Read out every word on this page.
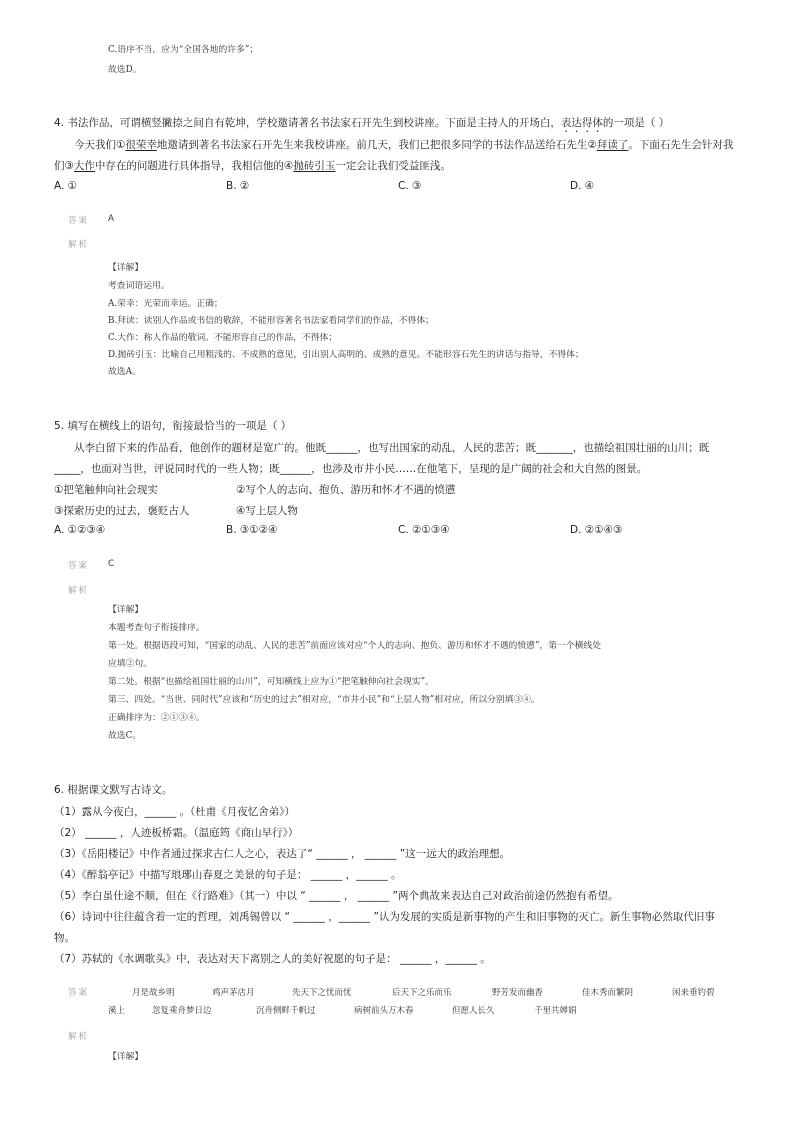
C.语序不当，应为“全国各地的许多”；
故选D。
4. 书法作品，可谓横竖撇捺之间自有乾坤，学校邀请著名书法家石开先生到校讲座。下面是主持人的开场白，表达得体的一项是（ ）
今天我们①很荣幸地邀请到著名书法家石开先生来我校讲座。前几天，我们已把很多同学的书法作品送给石先生②拜读了。下面石先生会针对我
们③大作中存在的问题进行具体指导，我相信他的④抛砖引玉一定会让我们受益匪浅。
A. ①	B. ②	C. ③	D. ④
答案 A
解析
【详解】
考查词语运用。
A.荣幸：光荣而幸运。正确；
B.拜读：读别人作品或书信的敬辞，不能形容著名书法家看同学们的作品，不得体；
C.大作：称人作品的敬词。不能形容自己的作品，不得体；
D.抛砖引玉：比喻自己用粗浅的、不成熟的意见，引出别人高明的、成熟的意见。不能形容石先生的讲话与指导，不得体；
故选A。
5. 填写在横线上的语句，衔接最恰当的一项是（ ）
从李白留下来的作品看，他创作的题材是宽广的。他既______，也写出国家的动乱，人民的悲苦；既_______，也描绘祖国壮丽的山川；既
_____，也面对当世，评说同时代的一些人物；既______，也涉及市井小民……在他笔下，呈现的是广阔的社会和大自然的图景。
①把笔触伸向社会现实	②写个人的志向、抱负、游历和怀才不遇的愤懑
③探索历史的过去，褒贬古人	④写上层人物
A. ①②③④	B. ③①②④	C. ②①③④	D. ②①④③
答案 C
解析
【详解】
本题考查句子衔接排序。
第一处。根据语段可知，“国家的动乱、人民的悲苦”前面应该对应“个人的志向、抱负、游历和怀才不遇的愤懑”，第一个横线处
应填②句。
第二处。根据“也描绘祖国壮丽的山川”，可知横线上应为①“把笔触伸向社会现实”。
第三、四处。“当世、同时代”应该和“历史的过去”相对应，“市井小民”和“上层人物”相对应，所以分别填③④。
正确排序为：②①③④。
故选C。
6. 根据课文默写古诗文。
（1）露从今夜白，______ 。（杜甫《月夜忆舍弟》）
（2） ______ ，人迹板桥霜。（温庭筠《商山早行》）
（3）《岳阳楼记》中作者通过探求古仁人之心，表达了“ ______ ， ______ ”这一远大的政治理想。
（4）《醉翁亭记》中描写琅琊山春夏之美景的句子是： ______ ，______ 。
（5）李白虽仕途不顺，但在《行路难》（其一）中以 “ ______ ， ______ ”两个典故来表达自己对政治前途仍然抱有希望。
（6）诗词中往往蕴含着一定的哲理，刘禹锡曾以 “ ______ ，______ ”认为发展的实质是新事物的产生和旧事物的灭亡。新生事物必然取代旧事
物。
（7）苏轼的《水调歌头》中，表达对天下离别之人的美好祝愿的句子是： ______ ，______ 。
答案	月是故乡明	鸡声茅店月	先天下之忧而忧	后天下之乐而乐	野芳发而幽香	佳木秀而繁阴	闲来垂钓碧
溪上	忽复乘舟梦日边	沉舟侧畔千帆过	病树前头万木春	但愿人长久	千里共婵娟
解析
【详解】
